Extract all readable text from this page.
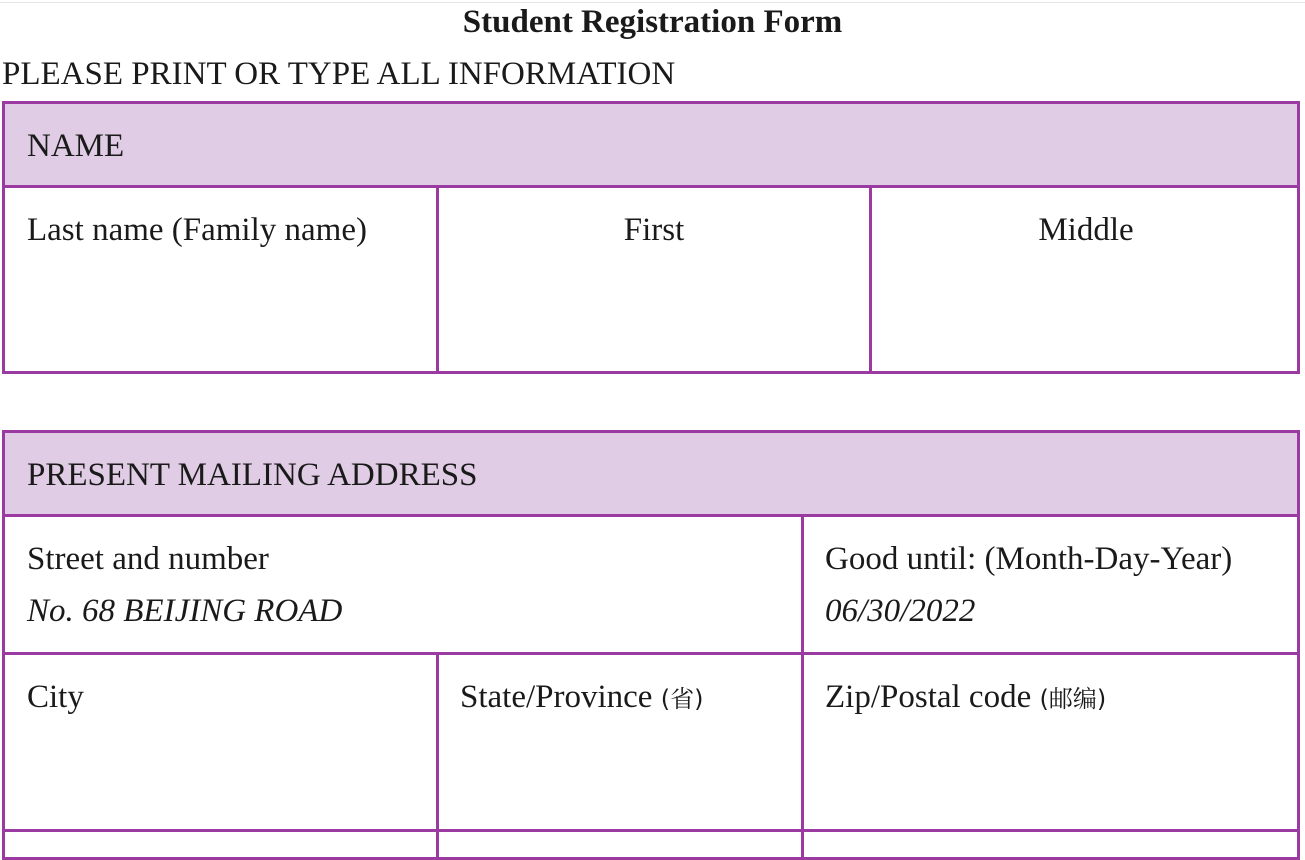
Student Registration Form
PLEASE PRINT OR TYPE ALL INFORMATION
NAME
Last name (Family name)	First	Middle
PRESENT MAILING ADDRESS
Street and number
No. 68 BEIJING ROAD
Good until: (Month-Day-Year)
06/30/2022
City	State/Province (省)	Zip/Postal code (邮编)
